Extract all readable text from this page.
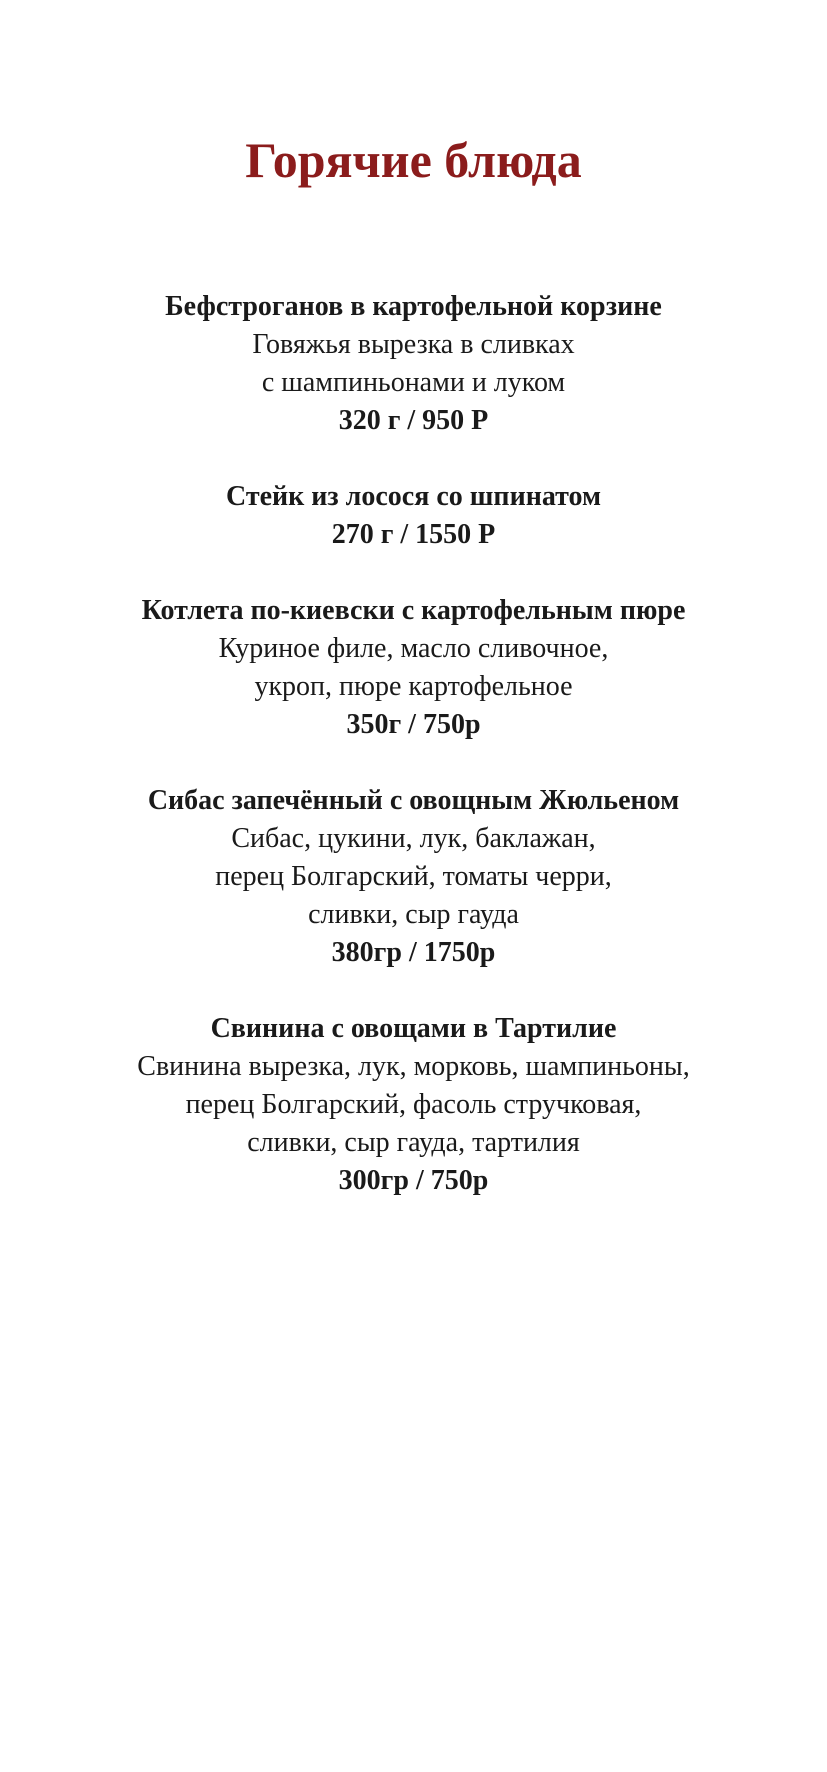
Горячие блюда
Бефстроганов в картофельной корзине
Говяжья вырезка в сливках
с шампиньонами и луком
320 г / 950 Р
Стейк из лосося со шпинатом
270 г / 1550 Р
Котлета по-киевски с картофельным пюре
Куриное филе, масло сливочное,
укроп, пюре картофельное
350г / 750р
Сибас запечённый с овощным Жюльеном
Сибас, цукини, лук, баклажан,
перец Болгарский, томаты черри,
сливки, сыр гауда
380гр / 1750р
Свинина с овощами в Тартилие
Свинина вырезка, лук, морковь, шампиньоны,
перец Болгарский, фасоль стручковая,
сливки, сыр гауда, тартилия
300гр / 750р
